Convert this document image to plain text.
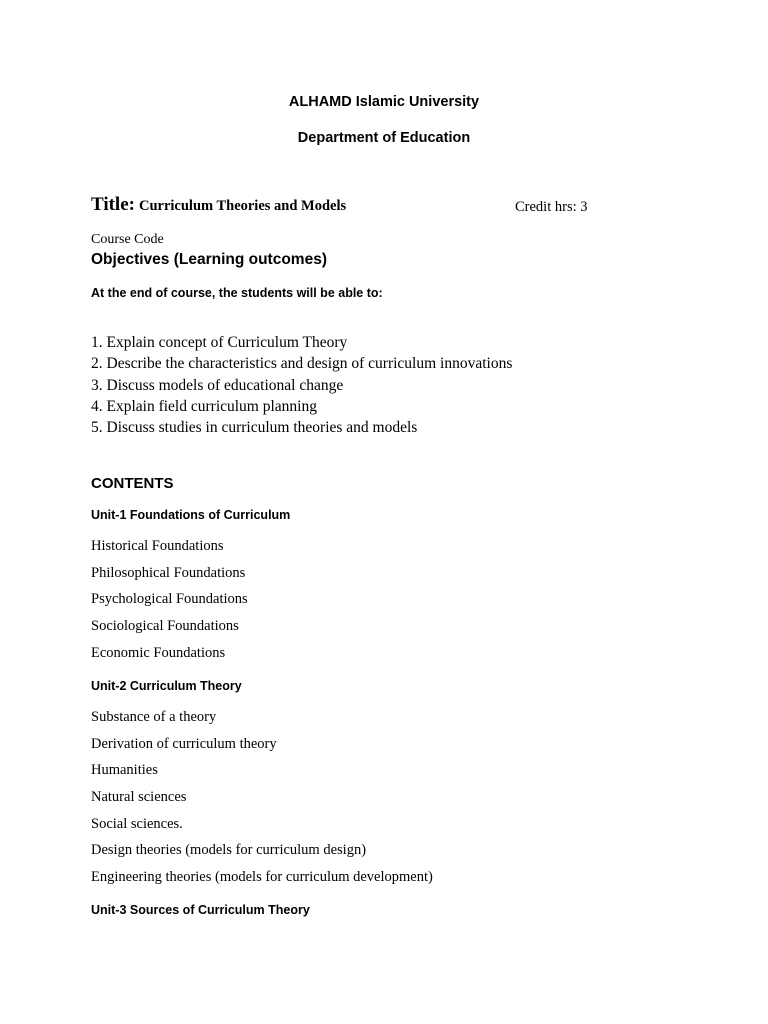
ALHAMD Islamic University
Department of Education
Title: Curriculum Theories and Models	Credit hrs: 3
Course Code
Objectives (Learning outcomes)
At the end of course, the students will be able to:
1. Explain concept of Curriculum Theory
2. Describe the characteristics and design of curriculum innovations
3. Discuss models of educational change
4. Explain field curriculum planning
5. Discuss studies in curriculum theories and models
CONTENTS
Unit-1 Foundations of Curriculum
Historical Foundations
Philosophical Foundations
Psychological Foundations
Sociological Foundations
Economic Foundations
Unit-2 Curriculum Theory
Substance of a theory
Derivation of curriculum theory
Humanities
Natural sciences
Social sciences.
Design theories (models for curriculum design)
Engineering theories (models for curriculum development)
Unit-3 Sources of Curriculum Theory
